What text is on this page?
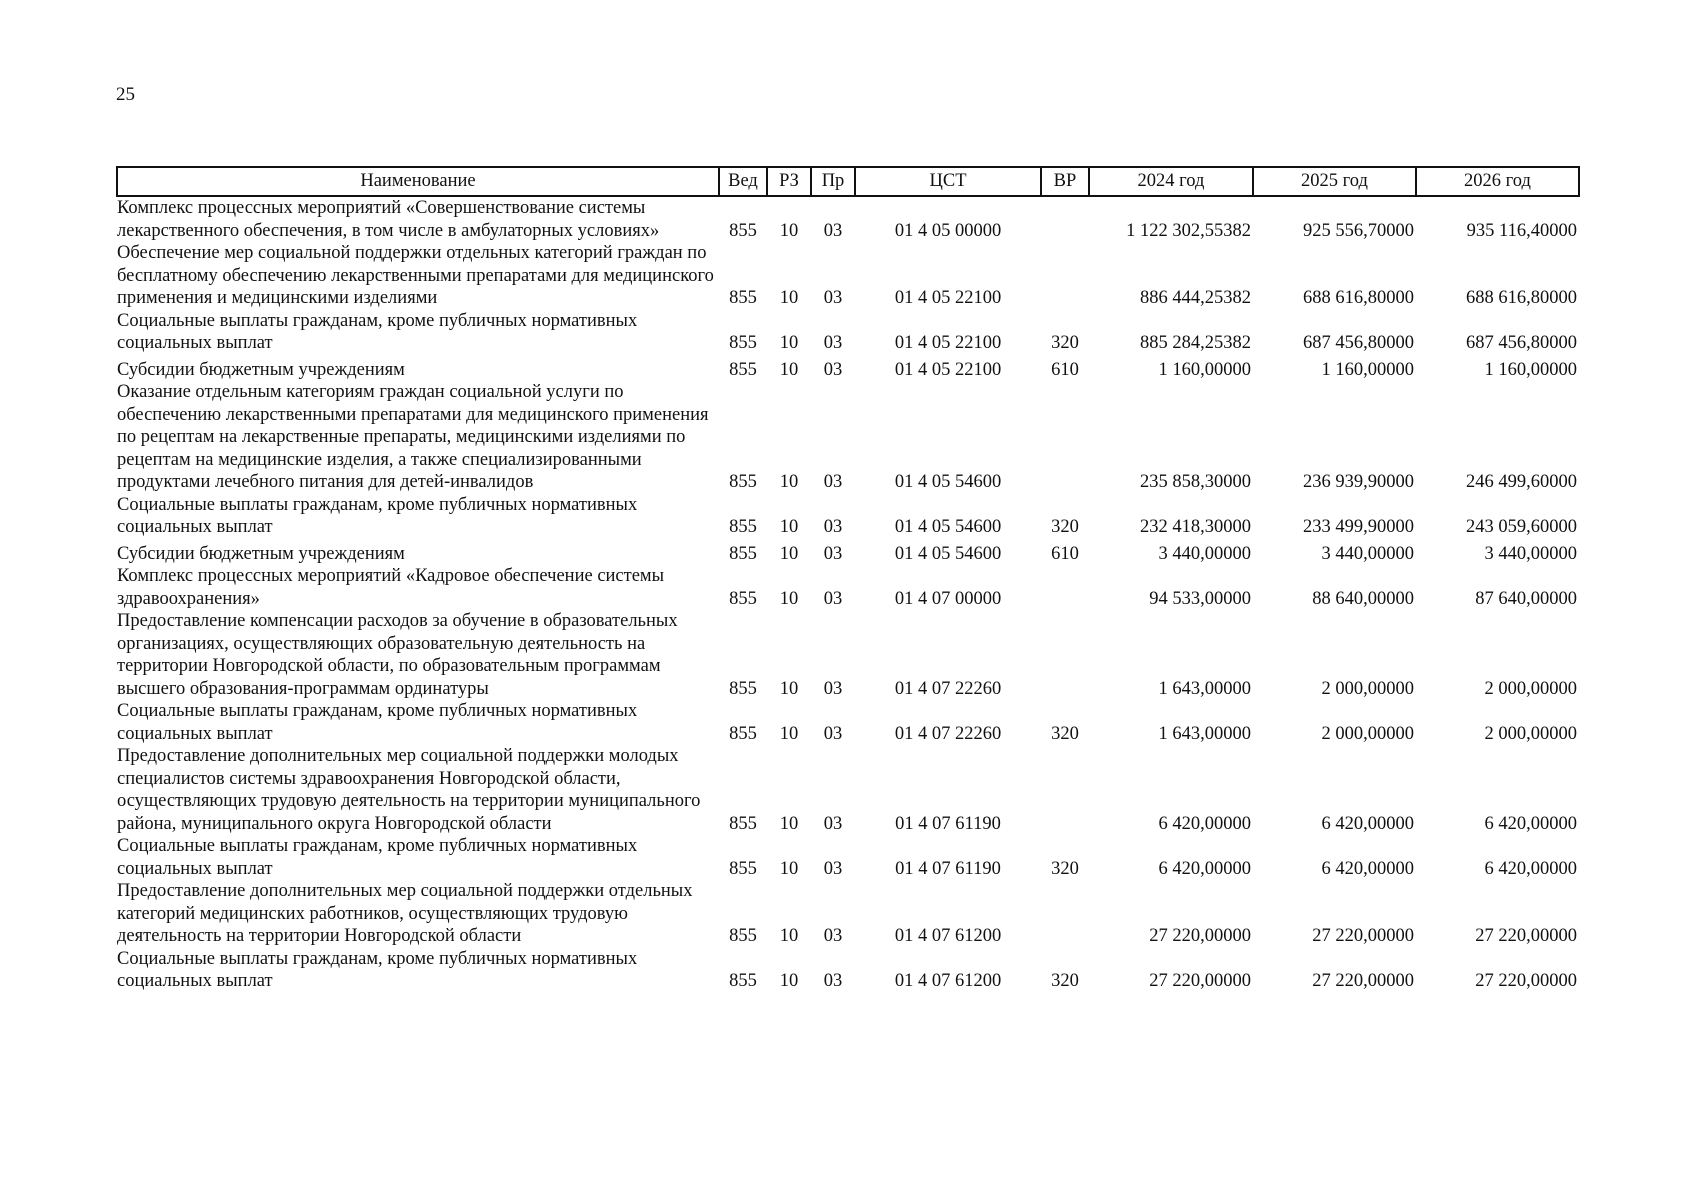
25
Наименование	Вед	РЗ	Пр	ЦСТ	ВР	2024 год	2025 год	2026 год
Комплекс процессных мероприятий «Совершенствование системы лекарственного обеспечения, в том числе в амбулаторных условиях»	855	10	03	01 4 05 00000		1 122 302,55382	925 556,70000	935 116,40000
Обеспечение мер социальной поддержки отдельных категорий граждан по бесплатному обеспечению лекарственными препаратами для медицинского применения и медицинскими изделиями	855	10	03	01 4 05 22100		886 444,25382	688 616,80000	688 616,80000
Социальные выплаты гражданам, кроме публичных нормативных социальных выплат	855	10	03	01 4 05 22100	320	885 284,25382	687 456,80000	687 456,80000
Субсидии бюджетным учреждениям	855	10	03	01 4 05 22100	610	1 160,00000	1 160,00000	1 160,00000
Оказание отдельным категориям граждан социальной услуги по обеспечению лекарственными препаратами для медицинского применения по рецептам на лекарственные препараты, медицинскими изделиями по рецептам на медицинские изделия, а также специализированными продуктами лечебного питания для детей-инвалидов	855	10	03	01 4 05 54600		235 858,30000	236 939,90000	246 499,60000
Социальные выплаты гражданам, кроме публичных нормативных социальных выплат	855	10	03	01 4 05 54600	320	232 418,30000	233 499,90000	243 059,60000
Субсидии бюджетным учреждениям	855	10	03	01 4 05 54600	610	3 440,00000	3 440,00000	3 440,00000
Комплекс процессных мероприятий «Кадровое обеспечение системы здравоохранения»	855	10	03	01 4 07 00000		94 533,00000	88 640,00000	87 640,00000
Предоставление компенсации расходов за обучение в образовательных организациях, осуществляющих образовательную деятельность на территории Новгородской области, по образовательным программам высшего образования-программам ординатуры	855	10	03	01 4 07 22260		1 643,00000	2 000,00000	2 000,00000
Социальные выплаты гражданам, кроме публичных нормативных социальных выплат	855	10	03	01 4 07 22260	320	1 643,00000	2 000,00000	2 000,00000
Предоставление дополнительных мер социальной поддержки молодых специалистов системы здравоохранения Новгородской области, осуществляющих трудовую деятельность на территории муниципального района, муниципального округа Новгородской области	855	10	03	01 4 07 61190		6 420,00000	6 420,00000	6 420,00000
Социальные выплаты гражданам, кроме публичных нормативных социальных выплат	855	10	03	01 4 07 61190	320	6 420,00000	6 420,00000	6 420,00000
Предоставление дополнительных мер социальной поддержки отдельных категорий медицинских работников, осуществляющих трудовую деятельность на территории Новгородской области	855	10	03	01 4 07 61200		27 220,00000	27 220,00000	27 220,00000
Социальные выплаты гражданам, кроме публичных нормативных социальных выплат	855	10	03	01 4 07 61200	320	27 220,00000	27 220,00000	27 220,00000
